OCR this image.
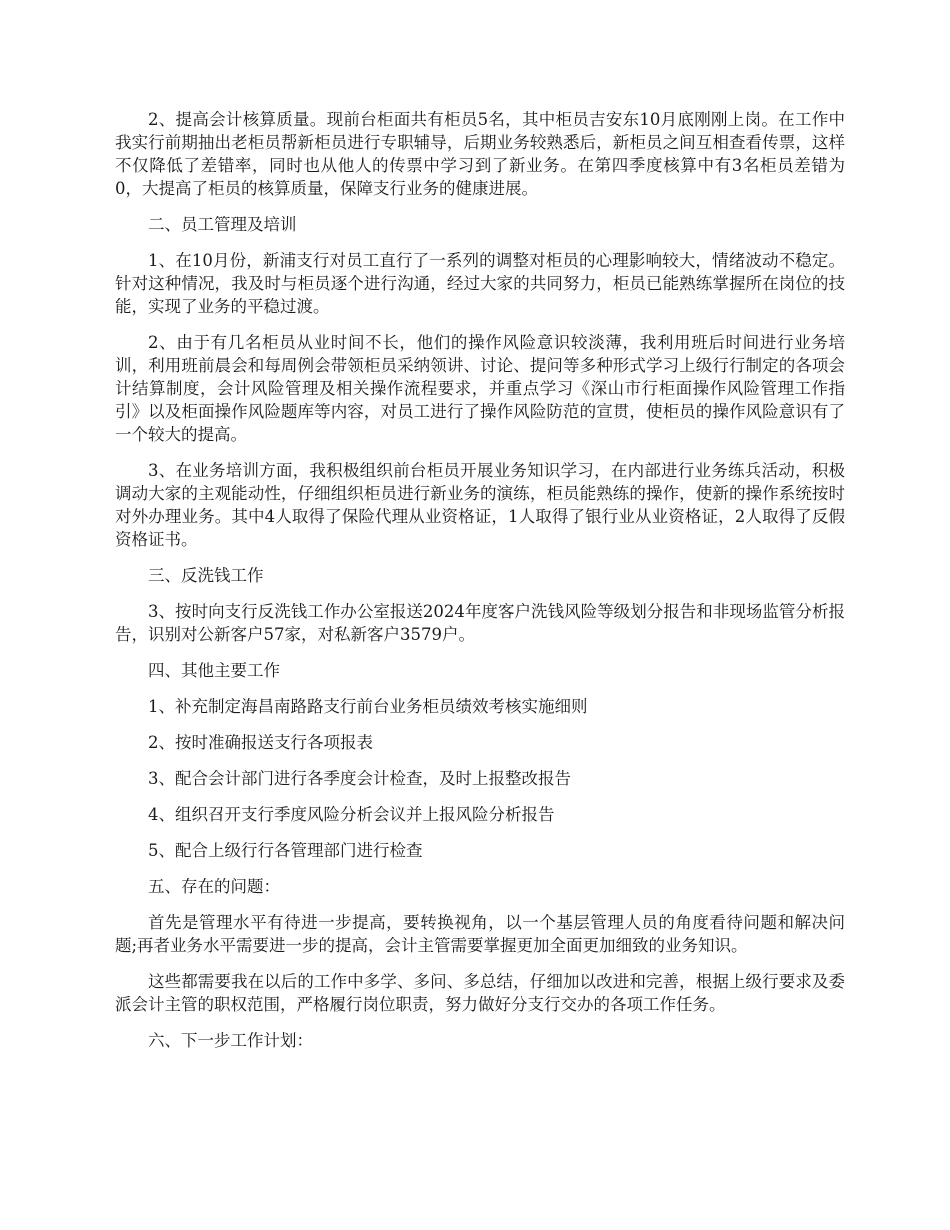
2、提高会计核算质量。现前台柜面共有柜员5名，其中柜员吉安东10月底刚刚上岗。在工作中我实行前期抽出老柜员帮新柜员进行专职辅导，后期业务较熟悉后，新柜员之间互相查看传票，这样不仅降低了差错率，同时也从他人的传票中学习到了新业务。在第四季度核算中有3名柜员差错为0，大提高了柜员的核算质量，保障支行业务的健康进展。

二、员工管理及培训

1、在10月份，新浦支行对员工直行了一系列的调整对柜员的心理影响较大，情绪波动不稳定。针对这种情况，我及时与柜员逐个进行沟通，经过大家的共同努力，柜员已能熟练掌握所在岗位的技能，实现了业务的平稳过渡。

2、由于有几名柜员从业时间不长，他们的操作风险意识较淡薄，我利用班后时间进行业务培训，利用班前晨会和每周例会带领柜员采纳领讲、讨论、提问等多种形式学习上级行行制定的各项会计结算制度，会计风险管理及相关操作流程要求，并重点学习《深山市行柜面操作风险管理工作指引》以及柜面操作风险题库等内容，对员工进行了操作风险防范的宣贯，使柜员的操作风险意识有了一个较大的提高。

3、在业务培训方面，我积极组织前台柜员开展业务知识学习，在内部进行业务练兵活动，积极调动大家的主观能动性，仔细组织柜员进行新业务的演练，柜员能熟练的操作，使新的操作系统按时对外办理业务。其中4人取得了保险代理从业资格证，1人取得了银行业从业资格证，2人取得了反假资格证书。

三、反洗钱工作

3、按时向支行反洗钱工作办公室报送2024年度客户洗钱风险等级划分报告和非现场监管分析报告，识别对公新客户57家，对私新客户3579户。

四、其他主要工作

1、补充制定海昌南路路支行前台业务柜员绩效考核实施细则

2、按时准确报送支行各项报表

3、配合会计部门进行各季度会计检查，及时上报整改报告

4、组织召开支行季度风险分析会议并上报风险分析报告

5、配合上级行行各管理部门进行检查

五、存在的问题：

首先是管理水平有待进一步提高，要转换视角，以一个基层管理人员的角度看待问题和解决问题;再者业务水平需要进一步的提高，会计主管需要掌握更加全面更加细致的业务知识。

这些都需要我在以后的工作中多学、多问、多总结，仔细加以改进和完善，根据上级行要求及委派会计主管的职权范围，严格履行岗位职责，努力做好分支行交办的各项工作任务。

六、下一步工作计划：
